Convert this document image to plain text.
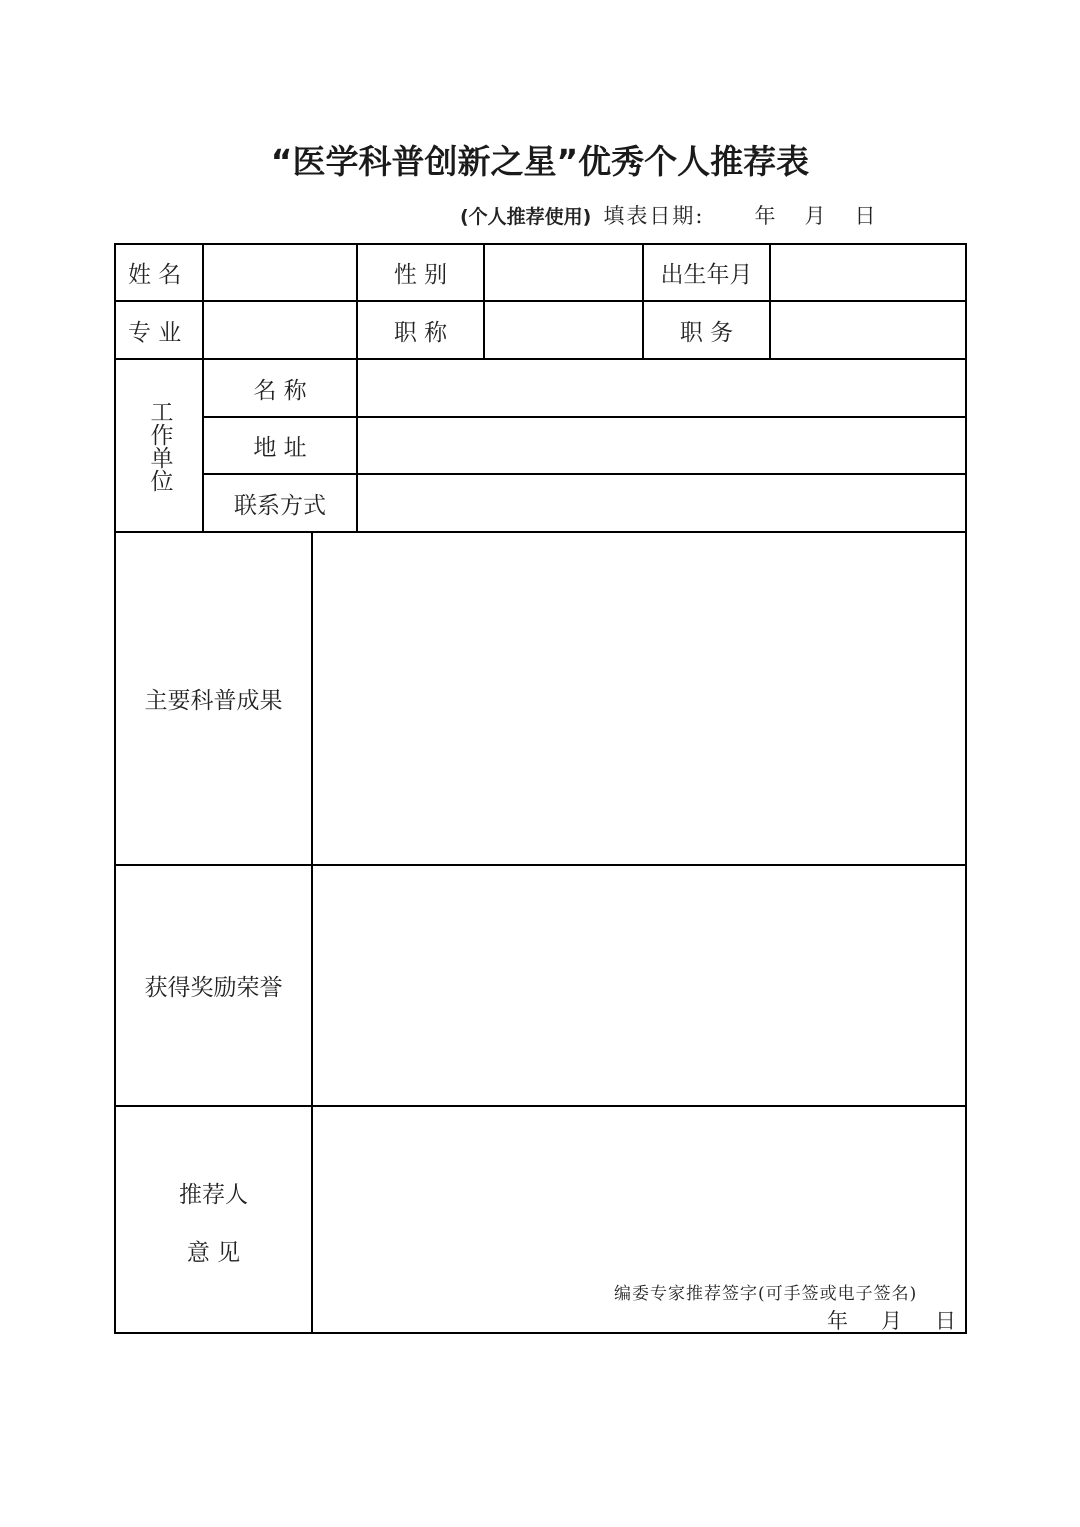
“医学科普创新之星”优秀个人推荐表
(个人推荐使用) 填表日期: 年 月 日
姓 名	性 别	出生年月
专 业	职 称	职 务
工作单位
名 称
地 址
联系方式
主要科普成果
获得奖励荣誉
推荐人
意 见
编委专家推荐签字(可手签或电子签名)
年 月 日
